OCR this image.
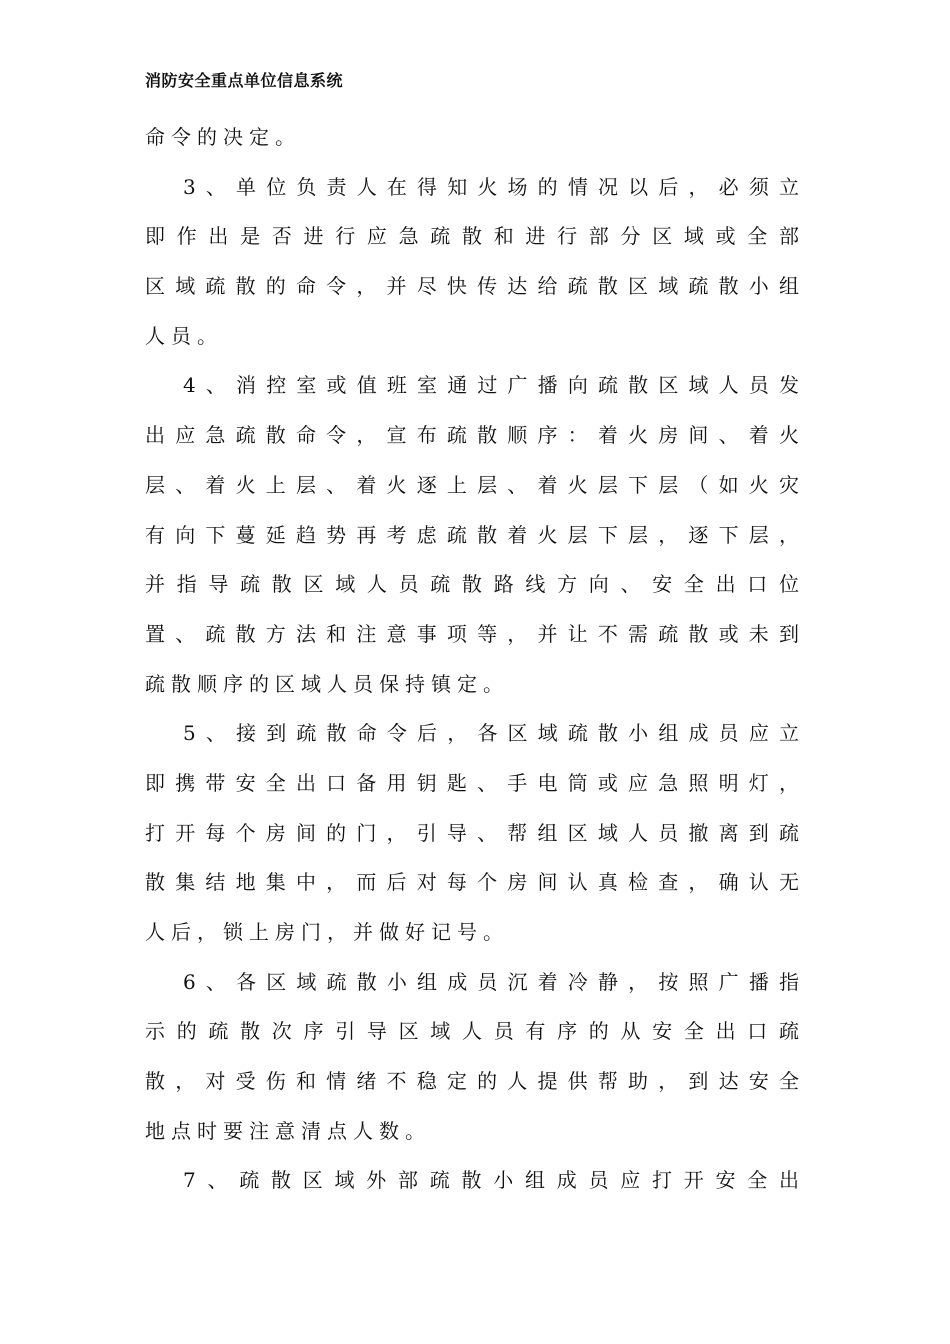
消防安全重点单位信息系统
命令的决定。
3、单位负责人在得知火场的情况以后，必须立
即作出是否进行应急疏散和进行部分区域或全部
区域疏散的命令，并尽快传达给疏散区域疏散小组
人员。
4、消控室或值班室通过广播向疏散区域人员发
出应急疏散命令，宣布疏散顺序：着火房间、着火
层、着火上层、着火逐上层、着火层下层（如火灾
有向下蔓延趋势再考虑疏散着火层下层，逐下层，
并指导疏散区域人员疏散路线方向、安全出口位
置、疏散方法和注意事项等，并让不需疏散或未到
疏散顺序的区域人员保持镇定。
5、接到疏散命令后，各区域疏散小组成员应立
即携带安全出口备用钥匙、手电筒或应急照明灯，
打开每个房间的门，引导、帮组区域人员撤离到疏
散集结地集中，而后对每个房间认真检查，确认无
人后，锁上房门，并做好记号。
6、各区域疏散小组成员沉着冷静，按照广播指
示的疏散次序引导区域人员有序的从安全出口疏
散，对受伤和情绪不稳定的人提供帮助，到达安全
地点时要注意清点人数。
7、疏散区域外部疏散小组成员应打开安全出
